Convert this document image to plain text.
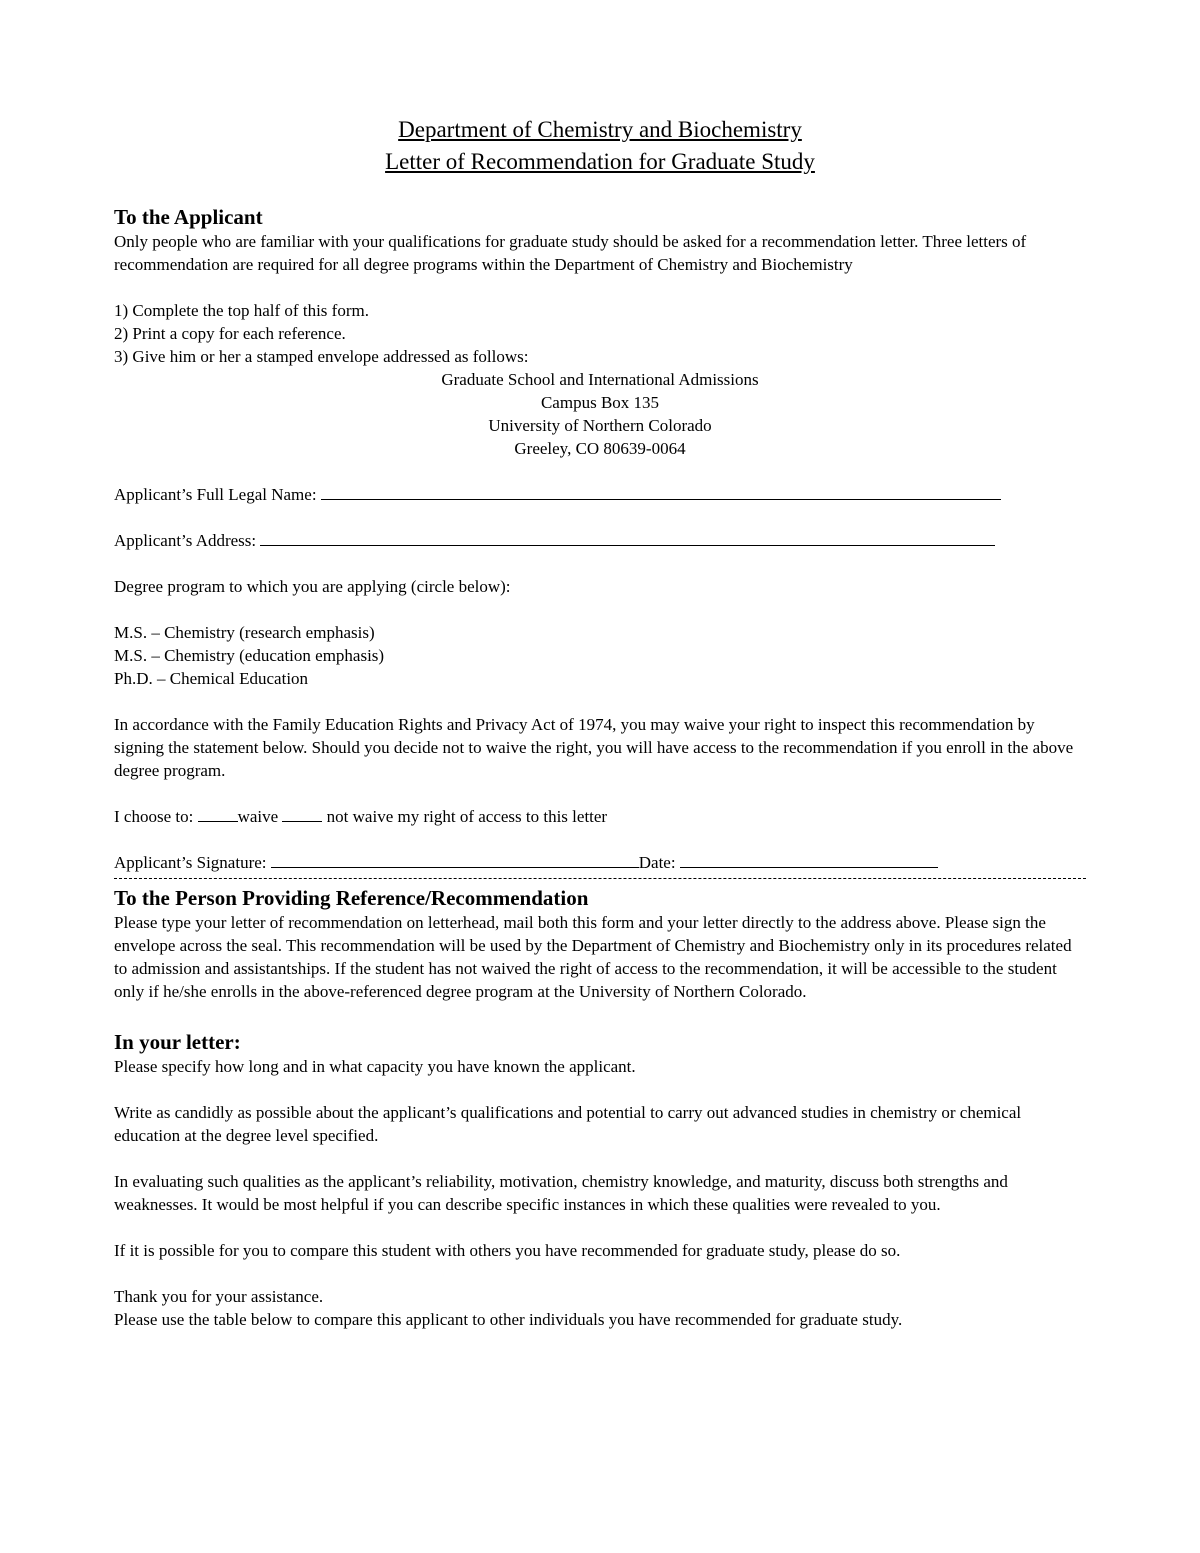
Department of Chemistry and Biochemistry
Letter of Recommendation for Graduate Study
To the Applicant
Only people who are familiar with your qualifications for graduate study should be asked for a recommendation letter. Three letters of recommendation are required for all degree programs within the Department of Chemistry and Biochemistry
1) Complete the top half of this form.
2) Print a copy for each reference.
3) Give him or her a stamped envelope addressed as follows:
Graduate School and International Admissions
Campus Box 135
University of Northern Colorado
Greeley, CO 80639-0064
Applicant’s Full Legal Name:
Applicant’s Address:
Degree program to which you are applying (circle below):
M.S. – Chemistry (research emphasis)
M.S. – Chemistry (education emphasis)
Ph.D. – Chemical Education
In accordance with the Family Education Rights and Privacy Act of 1974, you may waive your right to inspect this recommendation by signing the statement below. Should you decide not to waive the right, you will have access to the recommendation if you enroll in the above degree program.
I choose to:	waive	not waive my right of access to this letter
Applicant’s Signature:	Date:
To the Person Providing Reference/Recommendation
Please type your letter of recommendation on letterhead, mail both this form and your letter directly to the address above. Please sign the envelope across the seal. This recommendation will be used by the Department of Chemistry and Biochemistry only in its procedures related to admission and assistantships. If the student has not waived the right of access to the recommendation, it will be accessible to the student only if he/she enrolls in the above-referenced degree program at the University of Northern Colorado.
In your letter:
Please specify how long and in what capacity you have known the applicant.
Write as candidly as possible about the applicant’s qualifications and potential to carry out advanced studies in chemistry or chemical education at the degree level specified.
In evaluating such qualities as the applicant’s reliability, motivation, chemistry knowledge, and maturity, discuss both strengths and weaknesses. It would be most helpful if you can describe specific instances in which these qualities were revealed to you.
If it is possible for you to compare this student with others you have recommended for graduate study, please do so.
Thank you for your assistance.
Please use the table below to compare this applicant to other individuals you have recommended for graduate study.
